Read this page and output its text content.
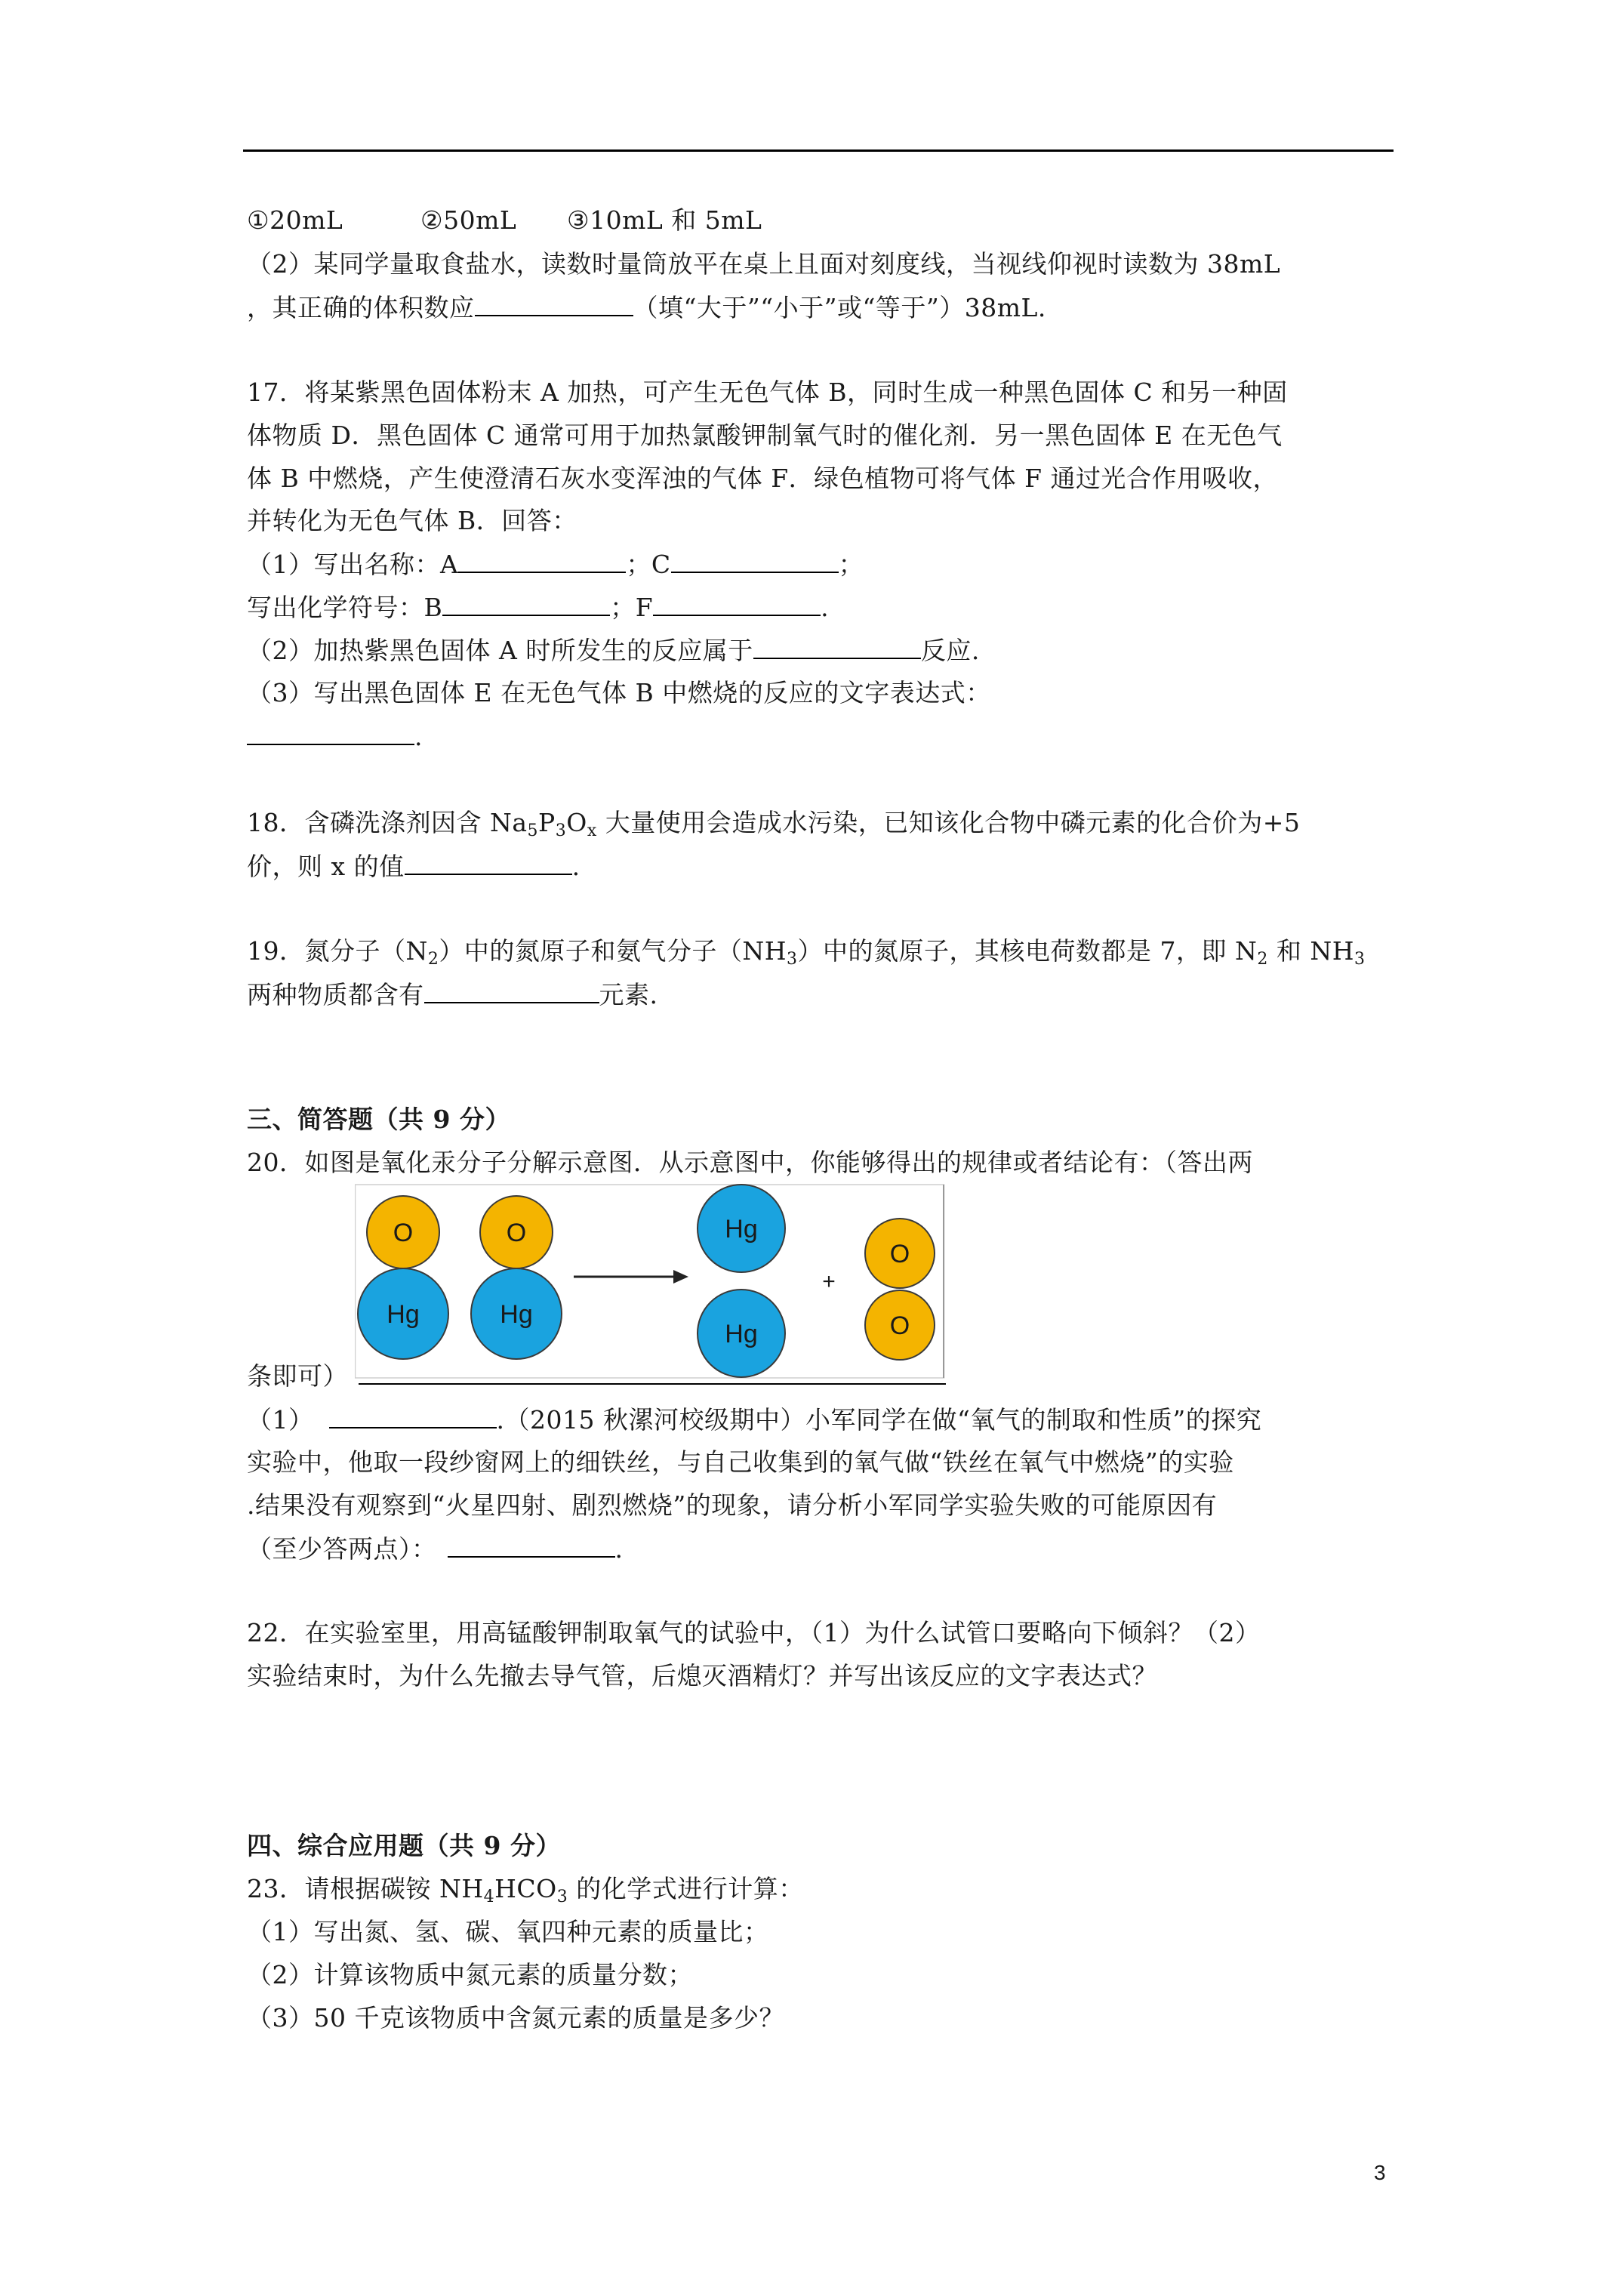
①20mL	②50mL ③10mL 和 5mL
（2）某同学量取食盐水，读数时量筒放平在桌上且面对刻度线，当视线仰视时读数为 38mL
，其正确的体积数应	（填“大于”“小于”或“等于”）38mL.
17．将某紫黑色固体粉末 A 加热，可产生无色气体 B，同时生成一种黑色固体 C 和另一种固
体物质 D．黑色固体 C 通常可用于加热氯酸钾制氧气时的催化剂．另一黑色固体 E 在无色气
体 B 中燃烧，产生使澄清石灰水变浑浊的气体 F．绿色植物可将气体 F 通过光合作用吸收，
并转化为无色气体 B．回答：
（1）写出名称：A	；C	；
写出化学符号：B	；F	.
（2）加热紫黑色固体 A 时所发生的反应属于	反应.
（3）写出黑色固体 E 在无色气体 B 中燃烧的反应的文字表达式：
.
18．含磷洗涤剂因含 $Na_5P_3O_x$ 大量使用会造成水污染，已知该化合物中磷元素的化合价为+5
价，则 x 的值	.
19．氮分子$(N_2)$中的氮原子和氨气分子$(NH_3)$中的氮原子，其核电荷数都是 7，即 $N_2$ 和 $NH_3$
两种物质都含有	元素.
三、简答题（共 9 分）
20．如图是氧化汞分子分解示意图．从示意图中，你能够得出的规律或者结论有：（答出两
O
Hg
O
Hg
Hg
Hg
+
O
O
条即可）
（1）	.（2015 秋漯河校级期中）小军同学在做“氧气的制取和性质”的探究
实验中，他取一段纱窗网上的细铁丝，与自己收集到的氧气做“铁丝在氧气中燃烧”的实验
.结果没有观察到“火星四射、剧烈燃烧”的现象，请分析小军同学实验失败的可能原因有
（至少答两点）：	.
22．在实验室里，用高锰酸钾制取氧气的试验中，（1）为什么试管口要略向下倾斜？（2）
实验结束时，为什么先撤去导气管，后熄灭酒精灯？并写出该反应的文字表达式？
四、综合应用题（共 9 分）
23．请根据碳铵 $NH_4HCO_3$ 的化学式进行计算：
（1）写出氮、氢、碳、氧四种元素的质量比；
（2）计算该物质中氮元素的质量分数；
（3）50 千克该物质中含氮元素的质量是多少？
3
